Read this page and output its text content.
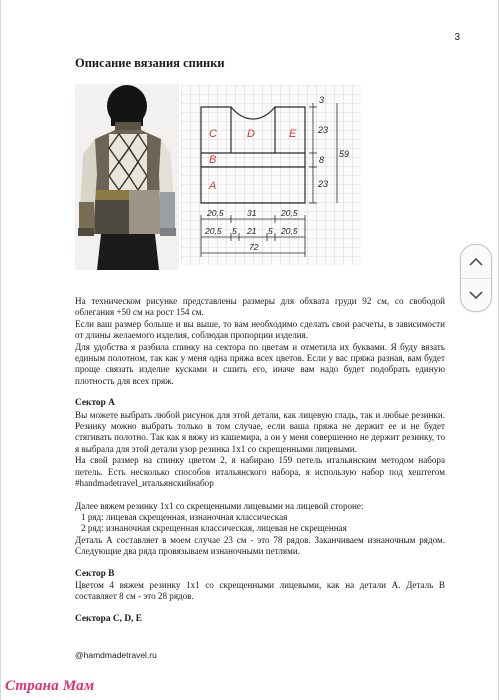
3
Описание вязания спинки
C	D	E
B
A
3
23
8
23
59
20,5	31	20,5
20,5 5 21 5 20,5
72

На техническом рисунке представлены размеры для обхвата груди 92 см, со свободой облегания +50 см на рост 154 см.

Если ваш размер больше и вы выше, то вам необходимо сделать свои расчеты, в зависимости от длины желаемого изделия, соблюдая пропорции изделия.

Для удобства я разбила спинку на сектора по цветам и отметила их буквами. Я буду вязать единым полотном, так как у меня одна пряжа всех цветов. Если у вас пряжа разная, вам будет проще связать изделие кусками и сшить его, иначе вам надо будет подобрать единую плотность для всех пряж.

Сектор А

Вы можете выбрать любой рисунок для этой детали, как лицевую гладь, так и любые резинки. Резинку можно выбрать только в том случае, если ваша пряжа не держит ее и не будет стягивать полотно. Так как я вяжу из кашемира, а он у меня совершенно не держит резинку, то я выбрала для этой детали узор резинка 1х1 со скрещенными лицевыми.

На свой размер на спинку цветом 2, я набираю 159 петель итальянским методом набора петель. Есть несколько способов итальянского набора, я использую набор под хештегом #handmadetravel_итальянскийнабор

Далее вяжем резинку 1х1 со скрещенными лицевыми на лицевой стороне:

1 ряд: лицевая скрещенная, изнаночная классическая

2 ряд: изнаночная скрещенная классическая, лицевая не скрещенная

Деталь А составляет в моем случае 23 см - это 78 рядов. Заканчиваем изнаночным рядом. Следующие два ряда провязываем изнаночными петлями.

Сектор В

Цветом 4 вяжем резинку 1х1 со скрещенными лицевыми, как на детали А. Деталь В составляет 8 см - это 28 рядов.

Сектора С, D, E
@hamdmadetravel.ru
Страна Мам
